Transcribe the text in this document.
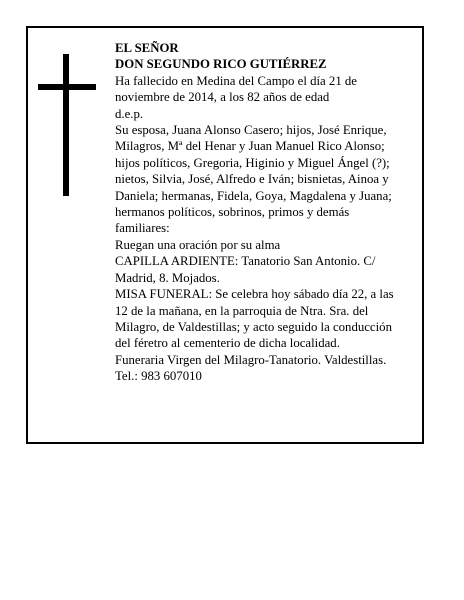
EL SEÑOR
DON SEGUNDO RICO GUTIÉRREZ
Ha fallecido en Medina del Campo el día 21 de
noviembre de 2014, a los 82 años de edad
d.e.p.
Su esposa, Juana Alonso Casero; hijos, José Enrique,
Milagros, Mª del Henar y Juan Manuel Rico Alonso;
hijos políticos, Gregoria, Higinio y Miguel Ángel (?);
nietos, Silvia, José, Alfredo e Iván; bisnietas, Ainoa y
Daniela; hermanas, Fidela, Goya, Magdalena y Juana;
hermanos políticos, sobrinos, primos y demás
familiares:
Ruegan una oración por su alma
CAPILLA ARDIENTE: Tanatorio San Antonio. C/
Madrid, 8. Mojados.
MISA FUNERAL: Se celebra hoy sábado día 22, a las
12 de la mañana, en la parroquia de Ntra. Sra. del
Milagro, de Valdestillas; y acto seguido la conducción
del féretro al cementerio de dicha localidad.
Funeraria Virgen del Milagro-Tanatorio. Valdestillas.
Tel.: 983 607010
